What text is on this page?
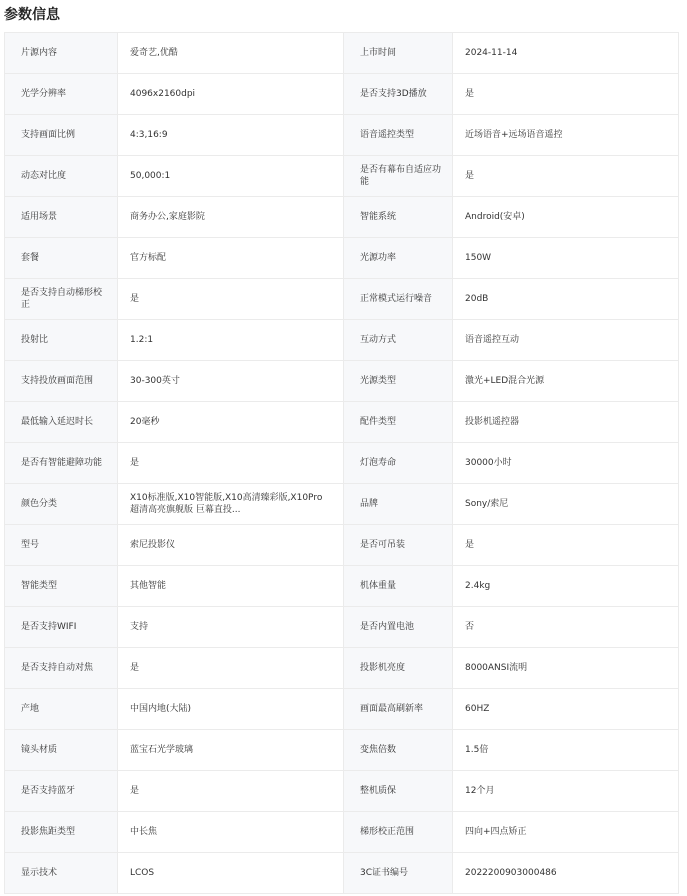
参数信息
片源内容	爱奇艺,优酷	上市时间	2024-11-14

光学分辨率	4096x2160dpi	是否支持3D播放	是

支持画面比例	4:3,16:9	语音遥控类型	近场语音+远场语音遥控

动态对比度	50,000:1	是否有幕布自适应功能	是

适用场景	商务办公,家庭影院	智能系统	Android(安卓)

套餐	官方标配	光源功率	150W

是否支持自动梯形校正	是	正常模式运行噪音	20dB

投射比	1.2:1	互动方式	语音遥控互动

支持投放画面范围	30-300英寸	光源类型	激光+LED混合光源

最低输入延迟时长	20毫秒	配件类型	投影机遥控器

是否有智能避障功能	是	灯泡寿命	30000小时

颜色分类	X10标准版,X10智能版,X10高清臻彩版,X10Pro超清高亮旗舰版 巨幕直投...	品牌	Sony/索尼

型号	索尼投影仪	是否可吊装	是

智能类型	其他智能	机体重量	2.4kg

是否支持WIFI	支持	是否内置电池	否

是否支持自动对焦	是	投影机亮度	8000ANSI流明

产地	中国内地(大陆)	画面最高刷新率	60HZ

镜头材质	蓝宝石光学玻璃	变焦倍数	1.5倍

是否支持蓝牙	是	整机质保	12个月

投影焦距类型	中长焦	梯形校正范围	四向+四点矫正

显示技术	LCOS	3C证书编号	2022200903000486
